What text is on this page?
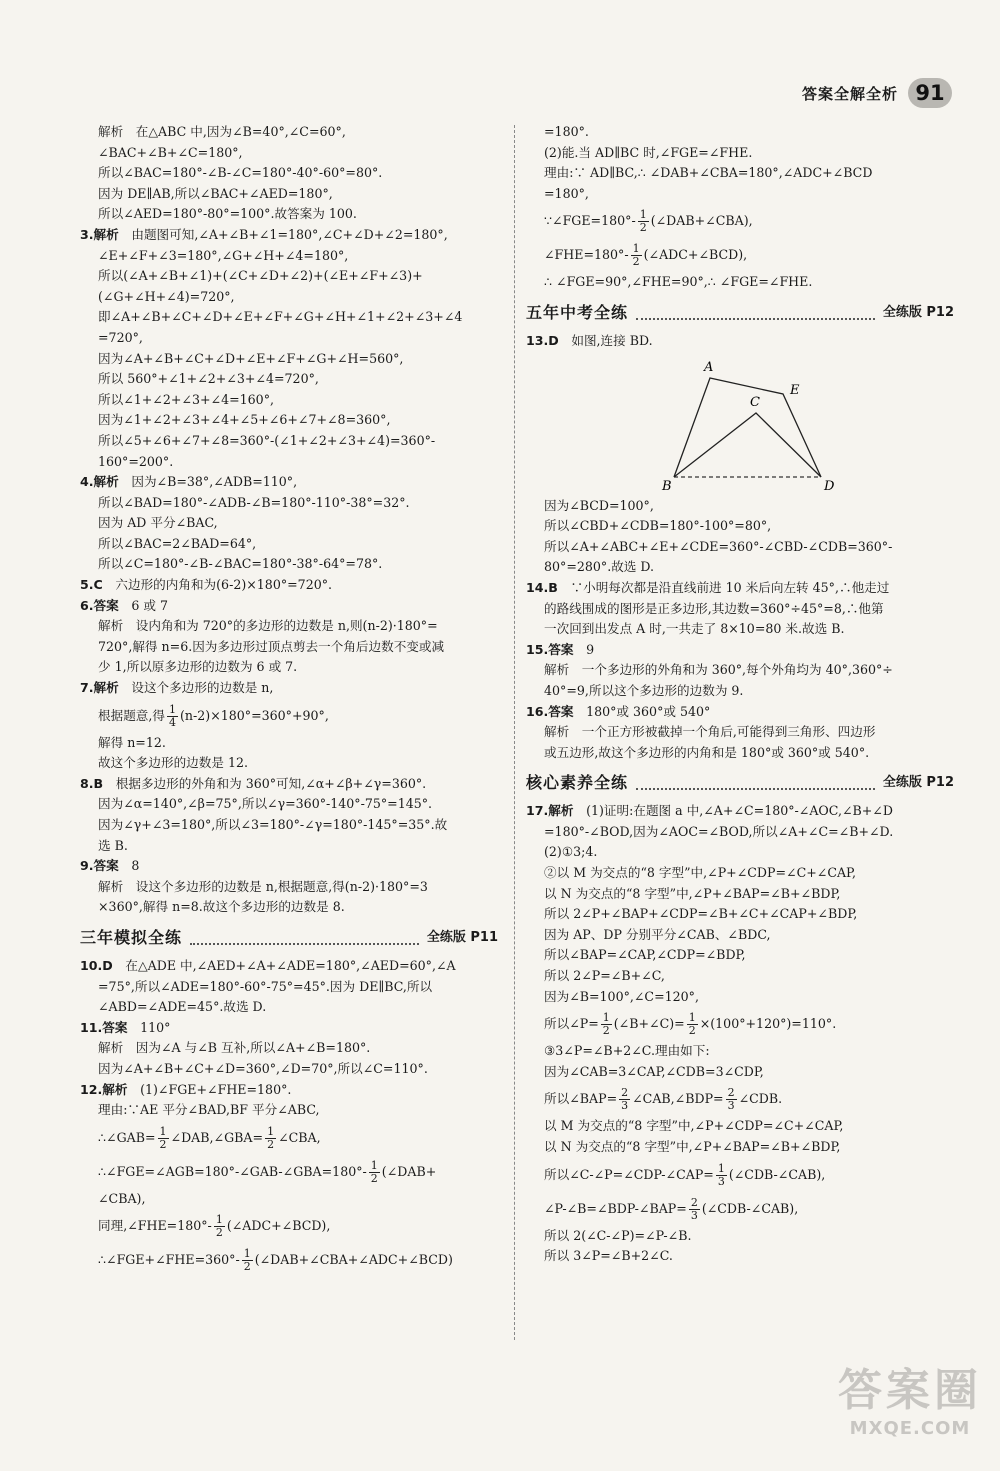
答案全解全析 91
解析　在△ABC 中,因为∠B=40°,∠C=60°,
∠BAC+∠B+∠C=180°,
所以∠BAC=180°-∠B-∠C=180°-40°-60°=80°.
因为 DE∥AB,所以∠BAC+∠AED=180°,
所以∠AED=180°-80°=100°.故答案为 100.
3.解析　由题图可知,∠A+∠B+∠1=180°,∠C+∠D+∠2=180°,
∠E+∠F+∠3=180°,∠G+∠H+∠4=180°,
所以(∠A+∠B+∠1)+(∠C+∠D+∠2)+(∠E+∠F+∠3)+
(∠G+∠H+∠4)=720°,
即∠A+∠B+∠C+∠D+∠E+∠F+∠G+∠H+∠1+∠2+∠3+∠4
=720°,
因为∠A+∠B+∠C+∠D+∠E+∠F+∠G+∠H=560°,
所以 560°+∠1+∠2+∠3+∠4=720°,
所以∠1+∠2+∠3+∠4=160°,
因为∠1+∠2+∠3+∠4+∠5+∠6+∠7+∠8=360°,
所以∠5+∠6+∠7+∠8=360°-(∠1+∠2+∠3+∠4)=360°-
160°=200°.
4.解析　因为∠B=38°,∠ADB=110°,
所以∠BAD=180°-∠ADB-∠B=180°-110°-38°=32°.
因为 AD 平分∠BAC,
所以∠BAC=2∠BAD=64°,
所以∠C=180°-∠B-∠BAC=180°-38°-64°=78°.
5.C　六边形的内角和为(6-2)×180°=720°.
6.答案　6 或 7
解析　设内角和为 720°的多边形的边数是 n,则(n-2)·180°=
720°,解得 n=6.因为多边形过顶点剪去一个角后边数不变或减
少 1,所以原多边形的边数为 6 或 7.
7.解析　设这个多边形的边数是 n,
根据题意,得 $\frac{1}{4} (n-2)\times 180^\circ=360^\circ+90^\circ$,
解得 n=12.
故这个多边形的边数是 12.
8.B　根据多边形的外角和为 360°可知,∠α+∠β+∠γ=360°.
因为∠α=140°,∠β=75°,所以∠γ=360°-140°-75°=145°.
因为∠γ+∠3=180°,所以∠3=180°-∠γ=180°-145°=35°.故
选 B.
9.答案　8
解析　设这个多边形的边数是 n,根据题意,得(n-2)·180°=3
×360°,解得 n=8.故这个多边形的边数是 8.
三年模拟全练	全练版 P11
10.D　在△ADE 中,∠AED+∠A+∠ADE=180°,∠AED=60°,∠A
=75°,所以∠ADE=180°-60°-75°=45°.因为 DE∥BC,所以
∠ABD=∠ADE=45°.故选 D.
11.答案　110°
解析　因为∠A 与∠B 互补,所以∠A+∠B=180°.
因为∠A+∠B+∠C+∠D=360°,∠D=70°,所以∠C=110°.
12.解析　(1)∠FGE+∠FHE=180°.
理由:∵AE 平分∠BAD,BF 平分∠ABC,
∴∠GAB= $\frac{1}{2}$ ∠DAB,∠GBA= $\frac{1}{2}$ ∠CBA,
∴∠FGE=∠AGB=180°-∠GAB-∠GBA=180°- $\frac{1}{2}$ (∠DAB+
∠CBA),
同理,∠FHE=180°- $\frac{1}{2}$ (∠ADC+∠BCD),
∴∠FGE+∠FHE=360°- $\frac{1}{2}$ (∠DAB+∠CBA+∠ADC+∠BCD)
=180°.
(2)能.当 AD∥BC 时,∠FGE=∠FHE.
理由:∵ AD∥BC,∴ ∠DAB+∠CBA=180°,∠ADC+∠BCD
=180°,
∵∠FGE=180°- $\frac{1}{2}$ (∠DAB+∠CBA),
∠FHE=180°- $\frac{1}{2}$ (∠ADC+∠BCD),
∴ ∠FGE=90°,∠FHE=90°,∴ ∠FGE=∠FHE.
五年中考全练	全练版 P12
13.D　如图,连接 BD.
A
B
C
D
E
因为∠BCD=100°,
所以∠CBD+∠CDB=180°-100°=80°,
所以∠A+∠ABC+∠E+∠CDE=360°-∠CBD-∠CDB=360°-
80°=280°.故选 D.
14.B　∵小明每次都是沿直线前进 10 米后向左转 45°,∴他走过
的路线围成的图形是正多边形,其边数=360°÷45°=8,∴他第
一次回到出发点 A 时,一共走了 8×10=80 米.故选 B.
15.答案　9
解析　一个多边形的外角和为 360°,每个外角均为 40°,360°÷
40°=9,所以这个多边形的边数为 9.
16.答案　180°或 360°或 540°
解析　一个正方形被截掉一个角后,可能得到三角形、四边形
或五边形,故这个多边形的内角和是 180°或 360°或 540°.
核心素养全练	全练版 P12
17.解析　(1)证明:在题图 a 中,∠A+∠C=180°-∠AOC,∠B+∠D
=180°-∠BOD,因为∠AOC=∠BOD,所以∠A+∠C=∠B+∠D.
(2)①3;4.
②以 M 为交点的“8 字型”中,∠P+∠CDP=∠C+∠CAP,
以 N 为交点的“8 字型”中,∠P+∠BAP=∠B+∠BDP,
所以 2∠P+∠BAP+∠CDP=∠B+∠C+∠CAP+∠BDP,
因为 AP、DP 分别平分∠CAB、∠BDC,
所以∠BAP=∠CAP,∠CDP=∠BDP,
所以 2∠P=∠B+∠C,
因为∠B=100°,∠C=120°,
所以∠P= $\frac{1}{2}$ (∠B+∠C)= $\frac{1}{2} \times(100^\circ+120^\circ)=110^\circ$.
③3∠P=∠B+2∠C.理由如下:
因为∠CAB=3∠CAP,∠CDB=3∠CDP,
所以∠BAP= $\frac{2}{3}$ ∠CAB,∠BDP= $\frac{2}{3}$ ∠CDB.
以 M 为交点的“8 字型”中,∠P+∠CDP=∠C+∠CAP,
以 N 为交点的“8 字型”中,∠P+∠BAP=∠B+∠BDP,
所以∠C-∠P=∠CDP-∠CAP= $\frac{1}{3}$ (∠CDB-∠CAB),
∠P-∠B=∠BDP-∠BAP= $\frac{2}{3}$ (∠CDB-∠CAB),
所以 2(∠C-∠P)=∠P-∠B.
所以 3∠P=∠B+2∠C.
答案圈
MXQE.COM
